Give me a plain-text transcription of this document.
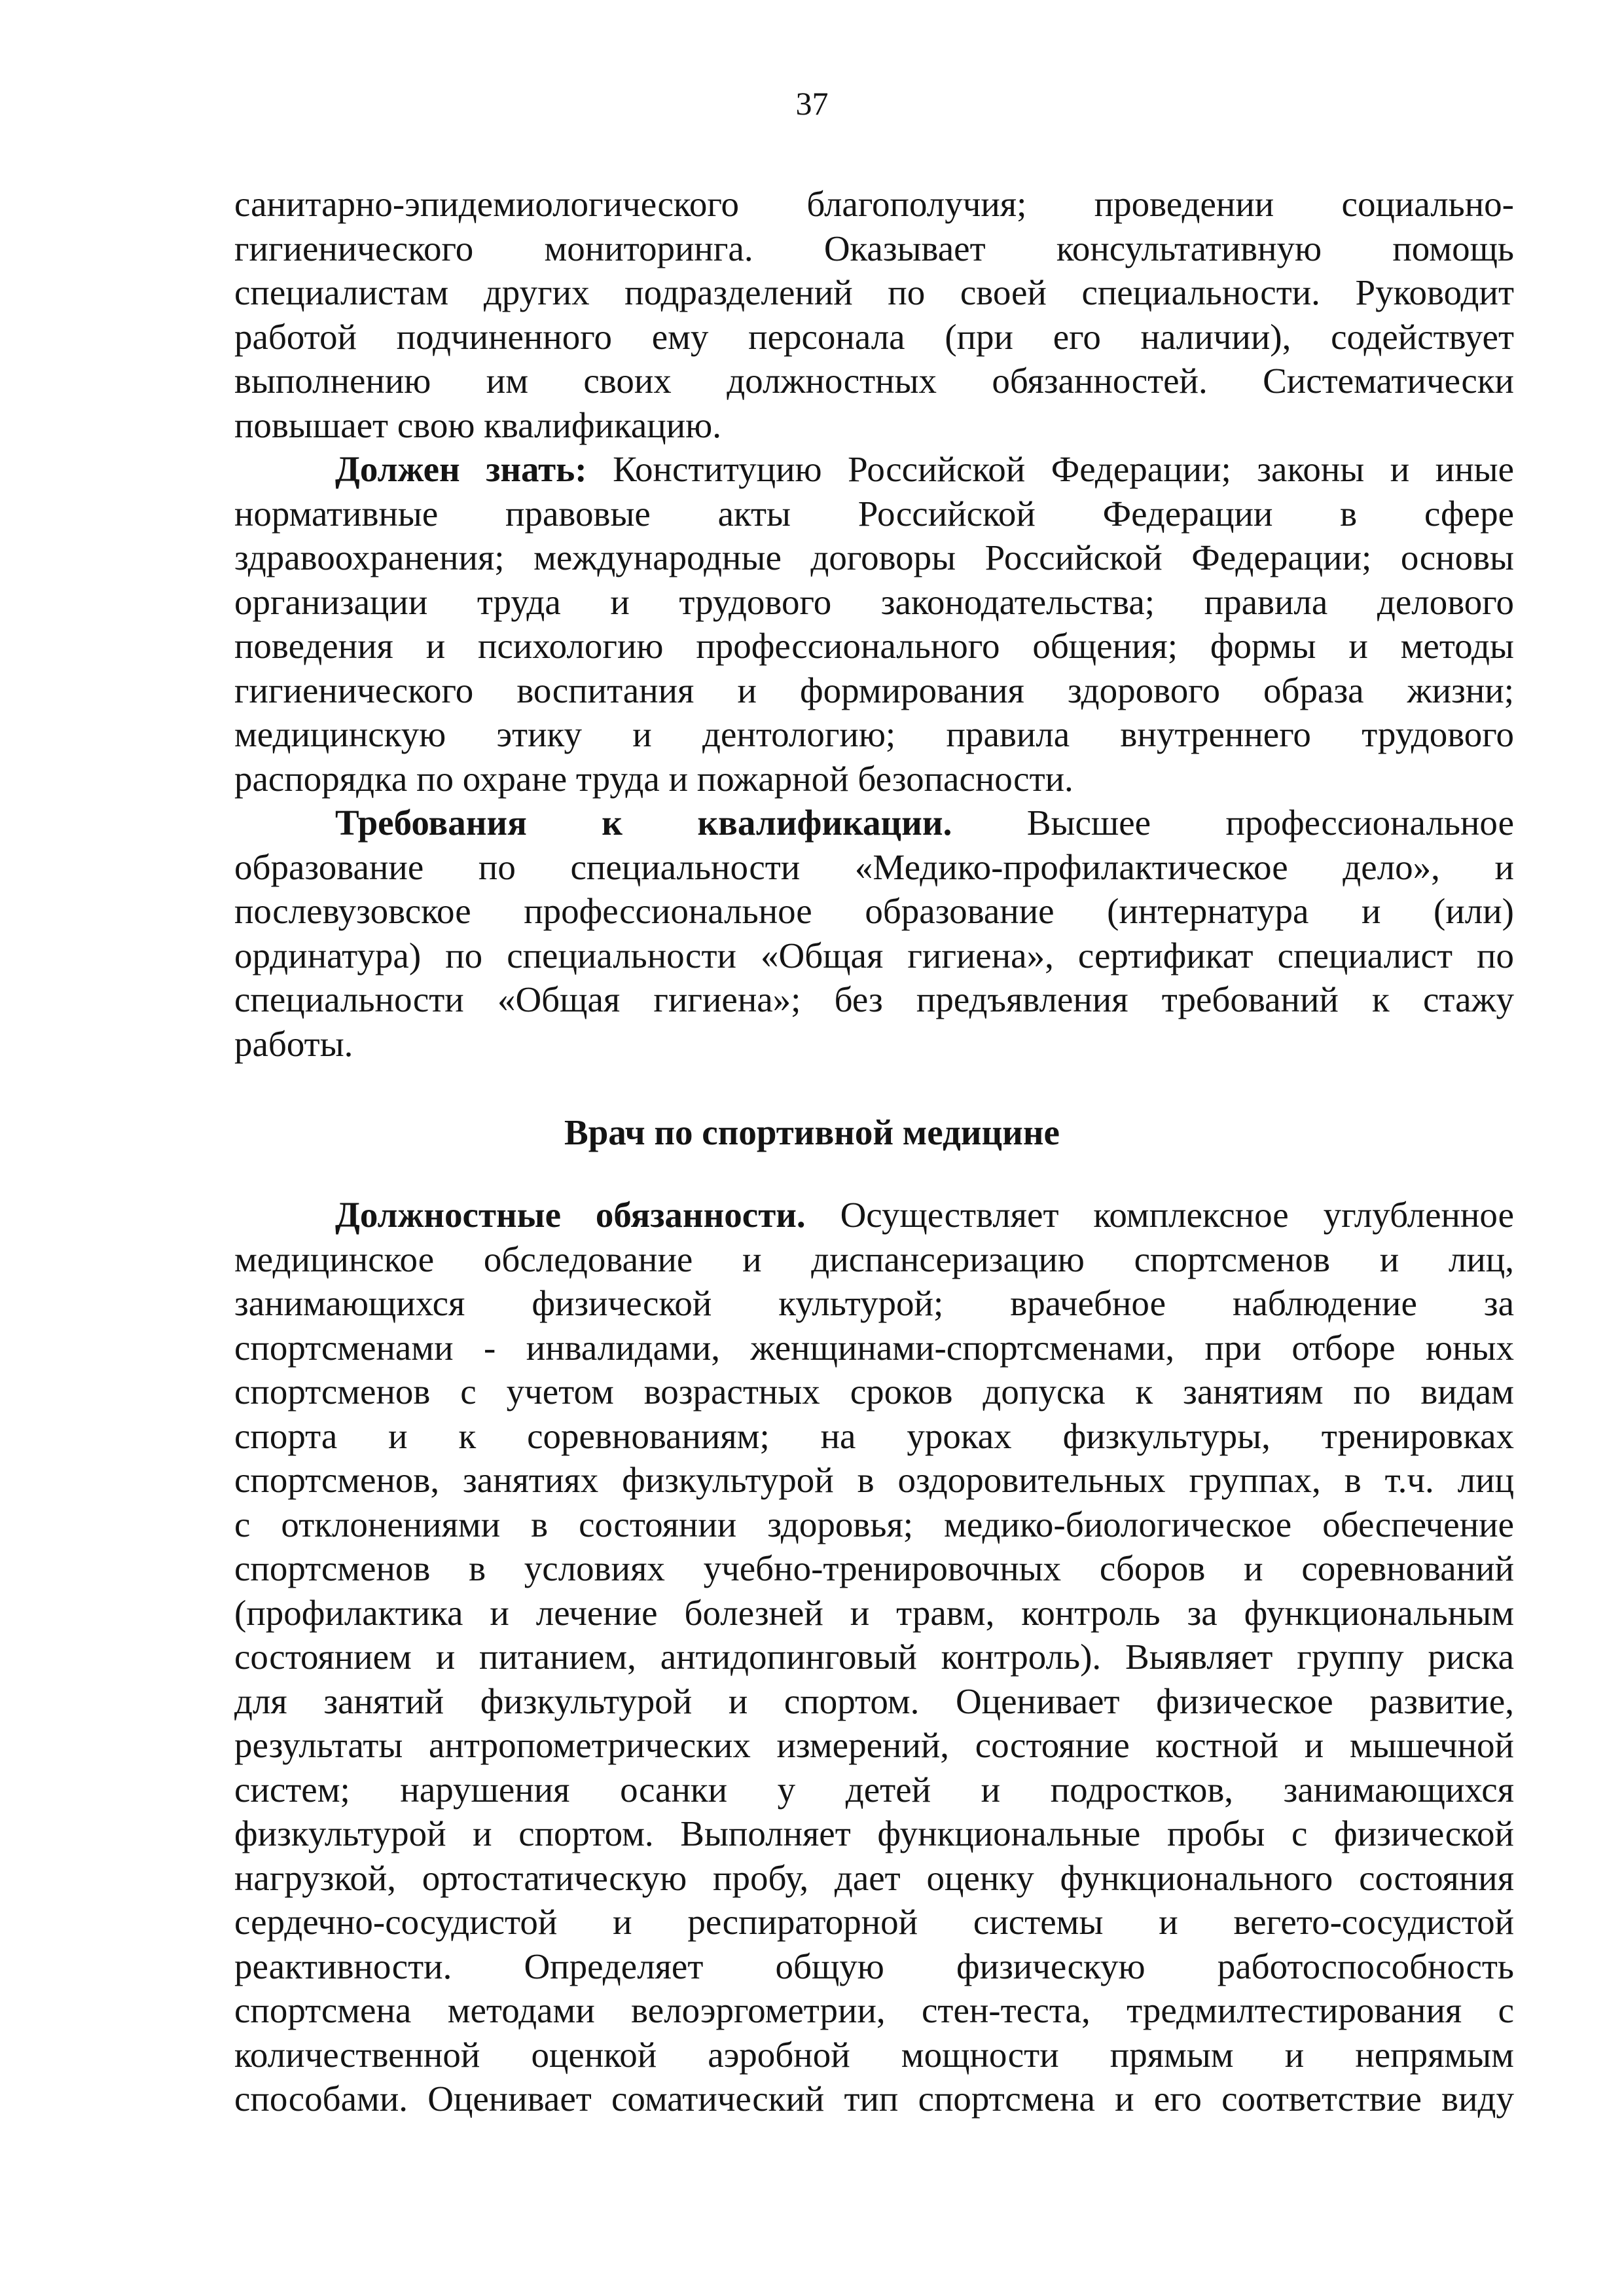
37
санитарно-эпидемиологического благополучия; проведении социально-
гигиенического мониторинга. Оказывает консультативную помощь
специалистам других подразделений по своей специальности. Руководит
работой подчиненного ему персонала (при его наличии), содействует
выполнению им своих должностных обязанностей. Систематически
повышает свою квалификацию.
Должен знать: Конституцию Российской Федерации; законы и иные
нормативные правовые акты Российской Федерации в сфере
здравоохранения; международные договоры Российской Федерации; основы
организации труда и трудового законодательства; правила делового
поведения и психологию профессионального общения; формы и методы
гигиенического воспитания и формирования здорового образа жизни;
медицинскую этику и дентологию; правила внутреннего трудового
распорядка по охране труда и пожарной безопасности.
Требования к квалификации. Высшее профессиональное
образование по специальности «Медико-профилактическое дело», и
послевузовское профессиональное образование (интернатура и (или)
ординатура) по специальности «Общая гигиена», сертификат специалист по
специальности «Общая гигиена»; без предъявления требований к стажу
работы.
Врач по спортивной медицине
Должностные обязанности. Осуществляет комплексное углубленное
медицинское обследование и диспансеризацию спортсменов и лиц,
занимающихся физической культурой; врачебное наблюдение за
спортсменами - инвалидами, женщинами-спортсменами, при отборе юных
спортсменов с учетом возрастных сроков допуска к занятиям по видам
спорта и к соревнованиям; на уроках физкультуры, тренировках
спортсменов, занятиях физкультурой в оздоровительных группах, в т.ч. лиц
с отклонениями в состоянии здоровья; медико-биологическое обеспечение
спортсменов в условиях учебно-тренировочных сборов и соревнований
(профилактика и лечение болезней и травм, контроль за функциональным
состоянием и питанием, антидопинговый контроль). Выявляет группу риска
для занятий физкультурой и спортом. Оценивает физическое развитие,
результаты антропометрических измерений, состояние костной и мышечной
систем; нарушения осанки у детей и подростков, занимающихся
физкультурой и спортом. Выполняет функциональные пробы с физической
нагрузкой, ортостатическую пробу, дает оценку функционального состояния
сердечно-сосудистой и респираторной системы и вегето-сосудистой
реактивности. Определяет общую физическую работоспособность
спортсмена методами велоэргометрии, стен-теста, тредмилтестирования с
количественной оценкой аэробной мощности прямым и непрямым
способами. Оценивает соматический тип спортсмена и его соответствие виду
